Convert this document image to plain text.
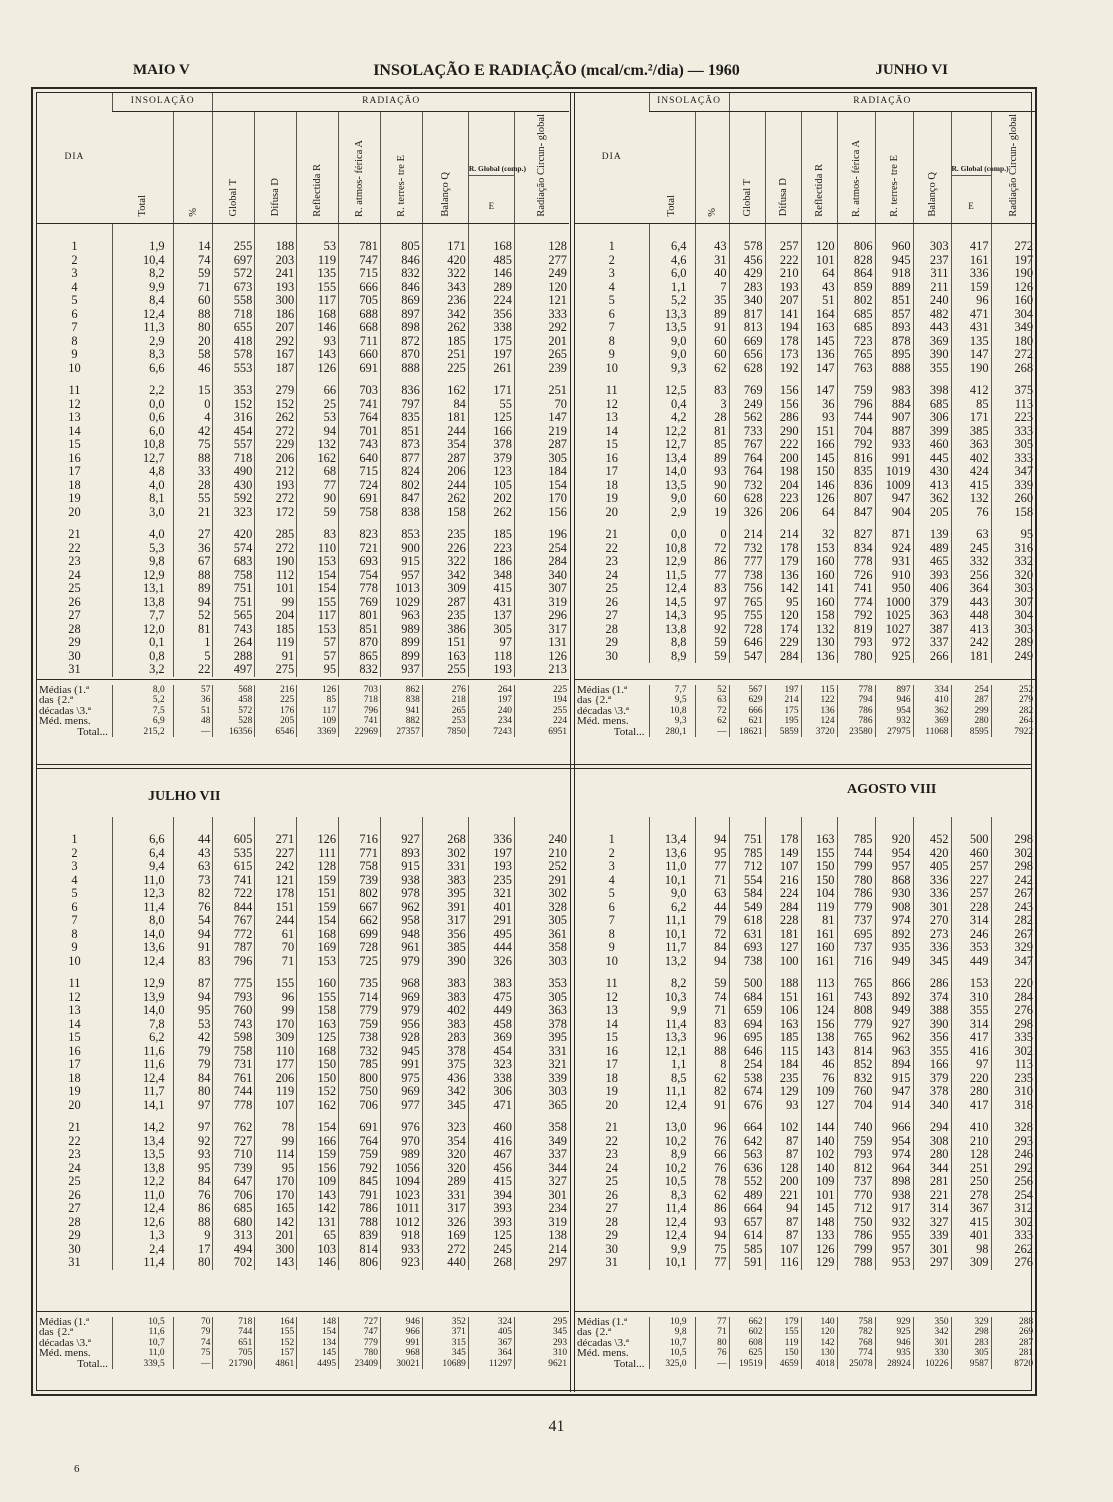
MAIO V	INSOLAÇÃO E RADIAÇÃO (mcal/cm.²/dia) — 1960	JUNHO VI
JULHO VII	AGOSTO VIII
DIA	INSOLAÇÃO		RADIAÇÃO							
	Total	%	Global T	Difusa D	Reflectida R	R. atmos- férica A	R. terres- tre E	Balanço Q	R. Global (comp.)
E	Radiação Circun- global
1	1,9	14	255	188	53	781	805	171	168	128
2	10,4	74	697	203	119	747	846	420	485	277
3	8,2	59	572	241	135	715	832	322	146	249
4	9,9	71	673	193	155	666	846	343	289	120
5	8,4	60	558	300	117	705	869	236	224	121
6	12,4	88	718	186	168	688	897	342	356	333
7	11,3	80	655	207	146	668	898	262	338	292
8	2,9	20	418	292	93	711	872	185	175	201
9	8,3	58	578	167	143	660	870	251	197	265
10	6,6	46	553	187	126	691	888	225	261	239

11	2,2	15	353	279	66	703	836	162	171	251
12	0,0	0	152	152	25	741	797	84	55	70
13	0,6	4	316	262	53	764	835	181	125	147
14	6,0	42	454	272	94	701	851	244	166	219
15	10,8	75	557	229	132	743	873	354	378	287
16	12,7	88	718	206	162	640	877	287	379	305
17	4,8	33	490	212	68	715	824	206	123	184
18	4,0	28	430	193	77	724	802	244	105	154
19	8,1	55	592	272	90	691	847	262	202	170
20	3,0	21	323	172	59	758	838	158	262	156

21	4,0	27	420	285	83	823	853	235	185	196
22	5,3	36	574	272	110	721	900	226	223	254
23	9,8	67	683	190	153	693	915	322	186	284
24	12,9	88	758	112	154	754	957	342	348	340
25	13,1	89	751	101	154	778	1013	309	415	307
26	13,8	94	751	99	155	769	1029	287	431	319
27	7,7	52	565	204	117	801	963	235	137	296
28	12,0	81	743	185	153	851	989	386	305	317
29	0,1	1	264	119	57	870	899	151	97	131
30	0,8	5	288	91	57	865	899	163	118	126
31	3,2	22	497	275	95	832	937	255	193	213
Médias (1.ª	8,0	57	568	216	126	703	862	276	264	225
das {2.ª	5,2	36	458	225	85	718	838	218	197	194
décadas \3.ª	7,5	51	572	176	117	796	941	265	240	255
Méd. mens.	6,9	48	528	205	109	741	882	253	234	224
Total...	215,2	—	16356	6546	3369	22969	27357	7850	7243	6951
DIA	INSOLAÇÃO		RADIAÇÃO							
	Total	%	Global T	Difusa D	Reflectida R	R. atmos- férica A	R. terres- tre E	Balanço Q	R. Global (comp.)
E	Radiação Circun- global
1	6,4	43	578	257	120	806	960	303	417	272
2	4,6	31	456	222	101	828	945	237	161	197
3	6,0	40	429	210	64	864	918	311	336	190
4	1,1	7	283	193	43	859	889	211	159	126
5	5,2	35	340	207	51	802	851	240	96	160
6	13,3	89	817	141	164	685	857	482	471	304
7	13,5	91	813	194	163	685	893	443	431	349
8	9,0	60	669	178	145	723	878	369	135	180
9	9,0	60	656	173	136	765	895	390	147	272
10	9,3	62	628	192	147	763	888	355	190	268

11	12,5	83	769	156	147	759	983	398	412	375
12	0,4	3	249	156	36	796	884	685	85	113
13	4,2	28	562	286	93	744	907	306	171	223
14	12,2	81	733	290	151	704	887	399	385	333
15	12,7	85	767	222	166	792	933	460	363	305
16	13,4	89	764	200	145	816	991	445	402	333
17	14,0	93	764	198	150	835	1019	430	424	347
18	13,5	90	732	204	146	836	1009	413	415	339
19	9,0	60	628	223	126	807	947	362	132	260
20	2,9	19	326	206	64	847	904	205	76	158

21	0,0	0	214	214	32	827	871	139	63	95
22	10,8	72	732	178	153	834	924	489	245	316
23	12,9	86	777	179	160	778	931	465	332	332
24	11,5	77	738	136	160	726	910	393	256	320
25	12,4	83	756	142	141	741	950	406	364	303
26	14,5	97	765	95	160	774	1000	379	443	307
27	14,3	95	755	120	158	792	1025	363	448	304
28	13,8	92	728	174	132	819	1027	387	413	303
29	8,8	59	646	229	130	793	972	337	242	289
30	8,9	59	547	284	136	780	925	266	181	249
Médias (1.ª	7,7	52	567	197	115	778	897	334	254	252
das {2.ª	9,5	63	629	214	122	794	946	410	287	279
décadas \3.ª	10,8	72	666	175	136	786	954	362	299	282
Méd. mens.	9,3	62	621	195	124	786	932	369	280	264
Total...	280,1	—	18621	5859	3720	23580	27975	11068	8595	7922
1	6,6	44	605	271	126	716	927	268	336	240
2	6,4	43	535	227	111	771	893	302	197	210
3	9,4	63	615	242	128	758	915	331	193	252
4	11,0	73	741	121	159	739	938	383	235	291
5	12,3	82	722	178	151	802	978	395	321	302
6	11,4	76	844	151	159	667	962	391	401	328
7	8,0	54	767	244	154	662	958	317	291	305
8	14,0	94	772	61	168	699	948	356	495	361
9	13,6	91	787	70	169	728	961	385	444	358
10	12,4	83	796	71	153	725	979	390	326	303

11	12,9	87	775	155	160	735	968	383	383	353
12	13,9	94	793	96	155	714	969	383	475	305
13	14,0	95	760	99	158	779	979	402	449	363
14	7,8	53	743	170	163	759	956	383	458	378
15	6,2	42	598	309	125	738	928	283	369	395
16	11,6	79	758	110	168	732	945	378	454	331
17	11,6	79	731	177	150	785	991	375	323	321
18	12,4	84	761	206	150	800	975	436	338	339
19	11,7	80	744	119	152	750	969	342	306	303
20	14,1	97	778	107	162	706	977	345	471	365

21	14,2	97	762	78	154	691	976	323	460	358
22	13,4	92	727	99	166	764	970	354	416	349
23	13,5	93	710	114	159	759	989	320	467	337
24	13,8	95	739	95	156	792	1056	320	456	344
25	12,2	84	647	170	109	845	1094	289	415	327
26	11,0	76	706	170	143	791	1023	331	394	301
27	12,4	86	685	165	142	786	1011	317	393	234
28	12,6	88	680	142	131	788	1012	326	393	319
29	1,3	9	313	201	65	839	918	169	125	138
30	2,4	17	494	300	103	814	933	272	245	214
31	11,4	80	702	143	146	806	923	440	268	297
Médias (1.ª	10,5	70	718	164	148	727	946	352	324	295
das {2.ª	11,6	79	744	155	154	747	966	371	405	345
décadas \3.ª	10,7	74	651	152	134	779	991	315	367	293
Méd. mens.	11,0	75	705	157	145	780	968	345	364	310
Total...	339,5	—	21790	4861	4495	23409	30021	10689	11297	9621
1	13,4	94	751	178	163	785	920	452	500	298
2	13,6	95	785	149	155	744	954	420	460	302
3	11,0	77	712	107	150	799	957	405	257	298
4	10,1	71	554	216	150	780	868	336	227	242
5	9,0	63	584	224	104	786	930	336	257	267
6	6,2	44	549	284	119	779	908	301	228	243
7	11,1	79	618	228	81	737	974	270	314	282
8	10,1	72	631	181	161	695	892	273	246	267
9	11,7	84	693	127	160	737	935	336	353	329
10	13,2	94	738	100	161	716	949	345	449	347

11	8,2	59	500	188	113	765	866	286	153	220
12	10,3	74	684	151	161	743	892	374	310	284
13	9,9	71	659	106	124	808	949	388	355	276
14	11,4	83	694	163	156	779	927	390	314	298
15	13,3	96	695	185	138	765	962	356	417	335
16	12,1	88	646	115	143	814	963	355	416	302
17	1,1	8	254	184	46	852	894	166	97	113
18	8,5	62	538	235	76	832	915	379	220	235
19	11,1	82	674	129	109	760	947	378	280	310
20	12,4	91	676	93	127	704	914	340	417	318

21	13,0	96	664	102	144	740	966	294	410	328
22	10,2	76	642	87	140	759	954	308	210	293
23	8,9	66	563	87	102	793	974	280	128	246
24	10,2	76	636	128	140	812	964	344	251	292
25	10,5	78	552	200	109	737	898	281	250	256
26	8,3	62	489	221	101	770	938	221	278	254
27	11,4	86	664	94	145	712	917	314	367	312
28	12,4	93	657	87	148	750	932	327	415	302
29	12,4	94	614	87	133	786	955	339	401	333
30	9,9	75	585	107	126	799	957	301	98	262
31	10,1	77	591	116	129	788	953	297	309	276
Médias (1.ª	10,9	77	662	179	140	758	929	350	329	288
das {2.ª	9,8	71	602	155	120	782	925	342	298	269
décadas \3.ª	10,7	80	608	119	142	768	946	301	283	287
Méd. mens.	10,5	76	625	150	130	774	935	330	305	281
Total...	325,0	—	19519	4659	4018	25078	28924	10226	9587	8720
41
6
